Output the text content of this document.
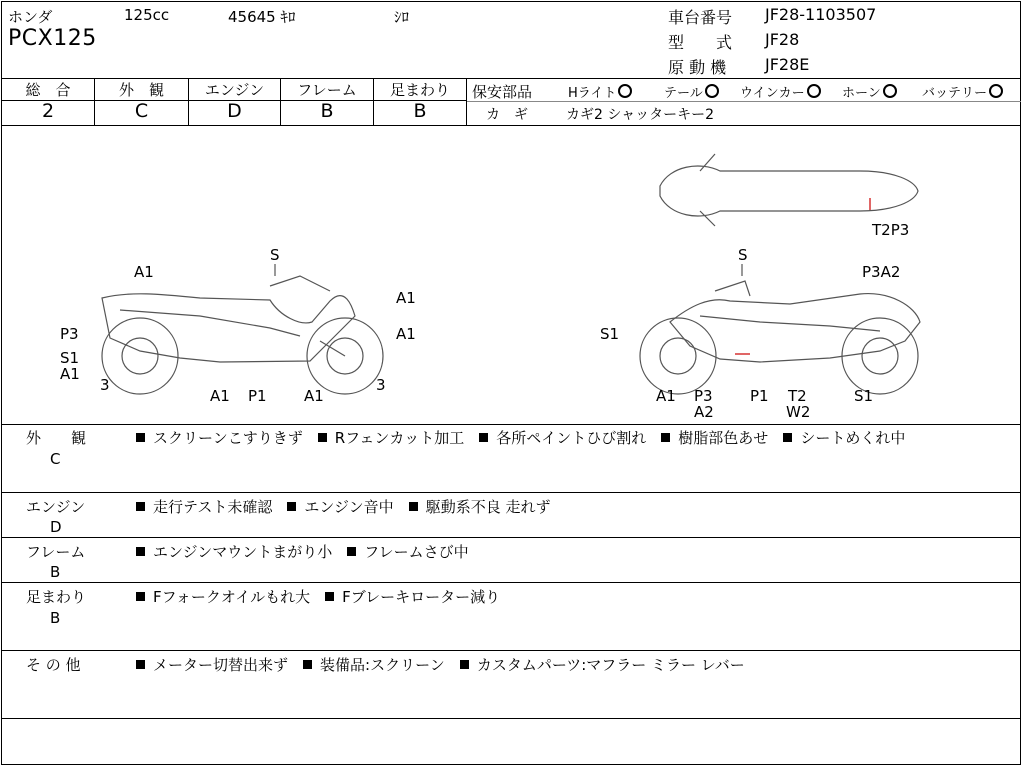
ホンダ	125cc	45645 ｷﾛ	ｼﾛ
PCX125
車台番号 JF28-1103507
型　　式 JF28
原 動 機 JF28E
総　合	外　観	エンジン	フレーム	足まわり
2	C	D	B	B
保安部品	Hライト	テール	ウインカー	ホーン	バッテリー
カ　ギ	カギ2 シャッターキー2
S
A1
A1
P3	A1
S1
A1
3
A1 P1 A1
3
S
P3A2
S1
A1 P3
A2
P1 T2
W2
S1
T2P3
外　　観
C
スクリーンこすりきず　 Rフェンカット加工　 各所ペイントひび割れ　 樹脂部色あせ　 シートめくれ中
エンジン
D
走行テスト未確認　 エンジン音中　 駆動系不良 走れず
フレーム
B
エンジンマウントまがり小　 フレームさび中
足まわり
B
Fフォークオイルもれ大　 Fブレーキローター減り
そ の 他	メーター切替出来ず　 装備品:スクリーン　 カスタムパーツ:マフラー ミラー レバー
